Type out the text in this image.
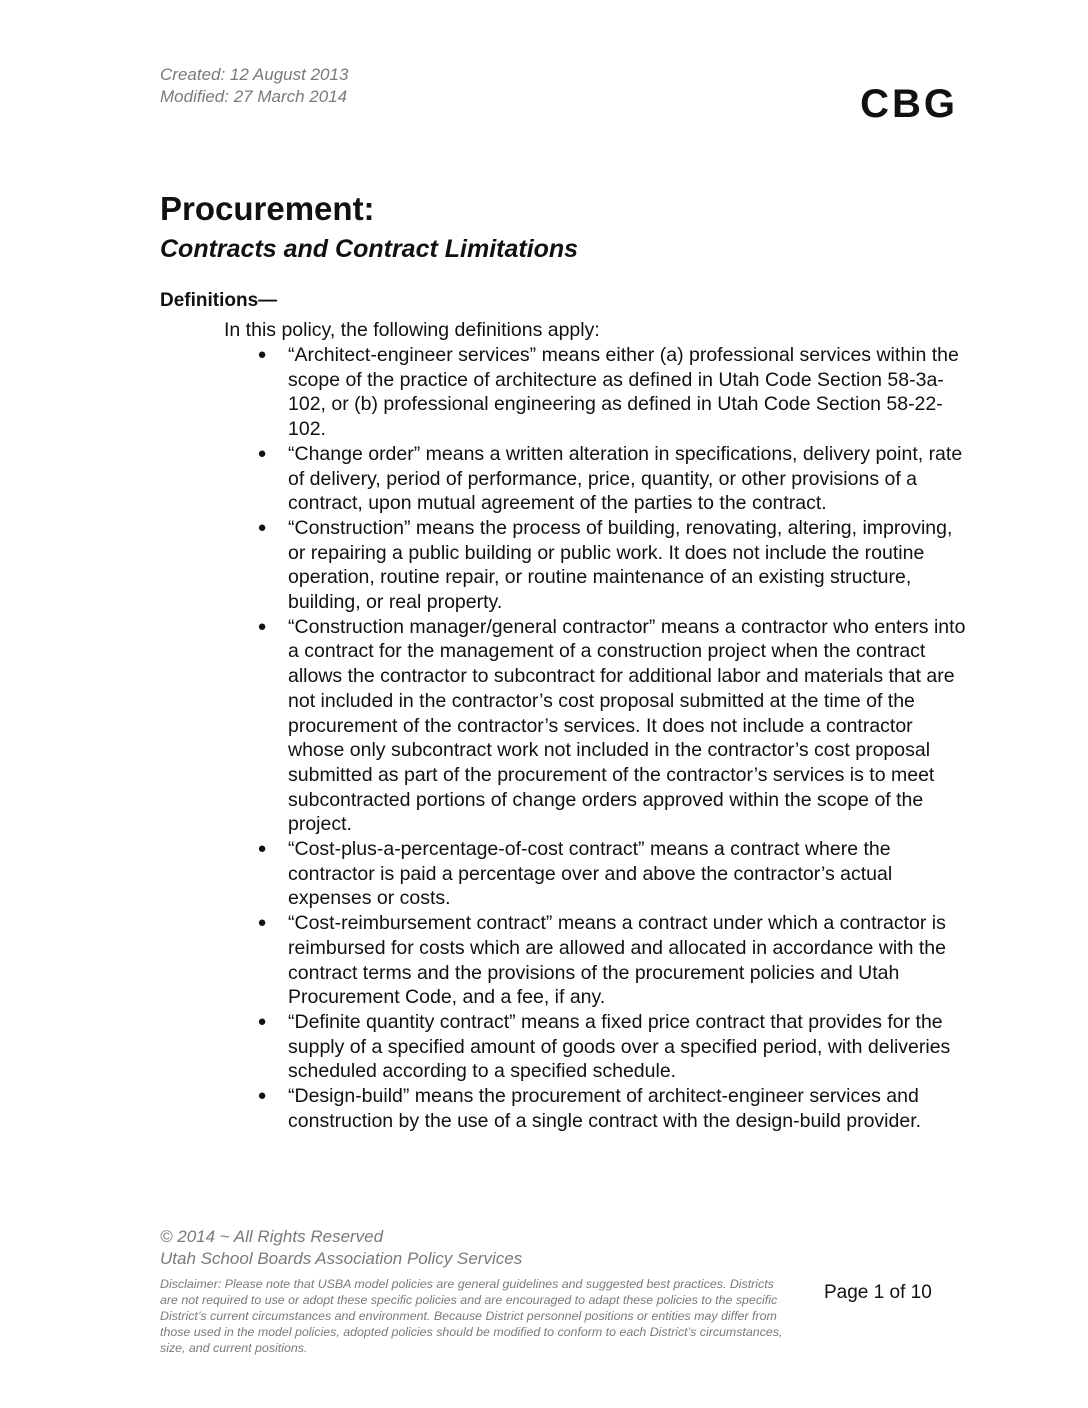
Created: 12 August 2013
Modified: 27 March 2014	CBG
Procurement:
Contracts and Contract Limitations
Definitions—
In this policy, the following definitions apply:
● “Architect-engineer services” means either (a) professional services within the scope of the practice of architecture as defined in Utah Code Section 58-3a-102, or (b) professional engineering as defined in Utah Code Section 58-22-102.
● “Change order” means a written alteration in specifications, delivery point, rate of delivery, period of performance, price, quantity, or other provisions of a contract, upon mutual agreement of the parties to the contract.
● “Construction” means the process of building, renovating, altering, improving, or repairing a public building or public work. It does not include the routine operation, routine repair, or routine maintenance of an existing structure, building, or real property.
● “Construction manager/general contractor” means a contractor who enters into a contract for the management of a construction project when the contract allows the contractor to subcontract for additional labor and materials that are not included in the contractor’s cost proposal submitted at the time of the procurement of the contractor’s services. It does not include a contractor whose only subcontract work not included in the contractor’s cost proposal submitted as part of the procurement of the contractor’s services is to meet subcontracted portions of change orders approved within the scope of the project.
● “Cost-plus-a-percentage-of-cost contract” means a contract where the contractor is paid a percentage over and above the contractor’s actual expenses or costs.
● “Cost-reimbursement contract” means a contract under which a contractor is reimbursed for costs which are allowed and allocated in accordance with the contract terms and the provisions of the procurement policies and Utah Procurement Code, and a fee, if any.
● “Definite quantity contract” means a fixed price contract that provides for the supply of a specified amount of goods over a specified period, with deliveries scheduled according to a specified schedule.
● “Design-build” means the procurement of architect-engineer services and construction by the use of a single contract with the design-build provider.
© 2014 ~ All Rights Reserved
Utah School Boards Association Policy Services
Disclaimer: Please note that USBA model policies are general guidelines and suggested best practices. Districts are not required to use or adopt these specific policies and are encouraged to adapt these policies to the specific District’s current circumstances and environment. Because District personnel positions or entities may differ from those used in the model policies, adopted policies should be modified to conform to each District’s circumstances, size, and current positions.
Page 1 of 10
